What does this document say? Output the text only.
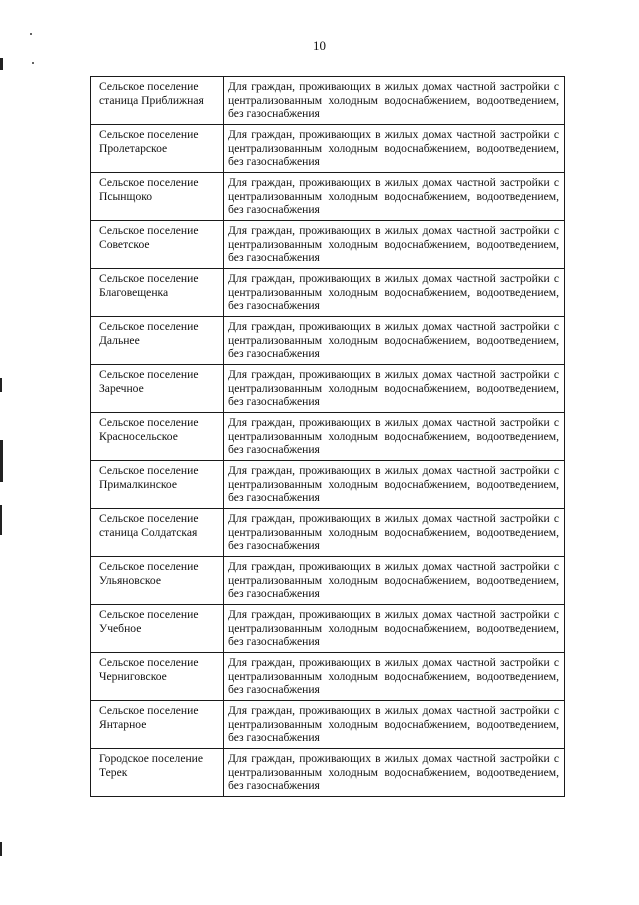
10
Сельское поселение
станица Приближная	Для граждан, проживающих в жилых домах частной застройки с централизованным холодным водоснабжением, водоотведением, без газоснабжения

Сельское поселение
Пролетарское	Для граждан, проживающих в жилых домах частной застройки с централизованным холодным водоснабжением, водоотведением, без газоснабжения

Сельское поселение
Псынщоко	Для граждан, проживающих в жилых домах частной застройки с централизованным холодным водоснабжением, водоотведением, без газоснабжения

Сельское поселение
Советское	Для граждан, проживающих в жилых домах частной застройки с централизованным холодным водоснабжением, водоотведением, без газоснабжения

Сельское поселение
Благовещенка	Для граждан, проживающих в жилых домах частной застройки с централизованным холодным водоснабжением, водоотведением, без газоснабжения

Сельское поселение
Дальнее	Для граждан, проживающих в жилых домах частной застройки с централизованным холодным водоснабжением, водоотведением, без газоснабжения

Сельское поселение
Заречное	Для граждан, проживающих в жилых домах частной застройки с централизованным холодным водоснабжением, водоотведением, без газоснабжения

Сельское поселение
Красносельское	Для граждан, проживающих в жилых домах частной застройки с централизованным холодным водоснабжением, водоотведением, без газоснабжения

Сельское поселение
Прималкинское	Для граждан, проживающих в жилых домах частной застройки с централизованным холодным водоснабжением, водоотведением, без газоснабжения

Сельское поселение
станица Солдатская	Для граждан, проживающих в жилых домах частной застройки с централизованным холодным водоснабжением, водоотведением, без газоснабжения

Сельское поселение
Ульяновское	Для граждан, проживающих в жилых домах частной застройки с централизованным холодным водоснабжением, водоотведением, без газоснабжения

Сельское поселение
Учебное	Для граждан, проживающих в жилых домах частной застройки с централизованным холодным водоснабжением, водоотведением, без газоснабжения

Сельское поселение
Черниговское	Для граждан, проживающих в жилых домах частной застройки с централизованным холодным водоснабжением, водоотведением, без газоснабжения

Сельское поселение
Янтарное	Для граждан, проживающих в жилых домах частной застройки с централизованным холодным водоснабжением, водоотведением, без газоснабжения

Городское поселение
Терек	Для граждан, проживающих в жилых домах частной застройки с централизованным холодным водоснабжением, водоотведением, без газоснабжения
